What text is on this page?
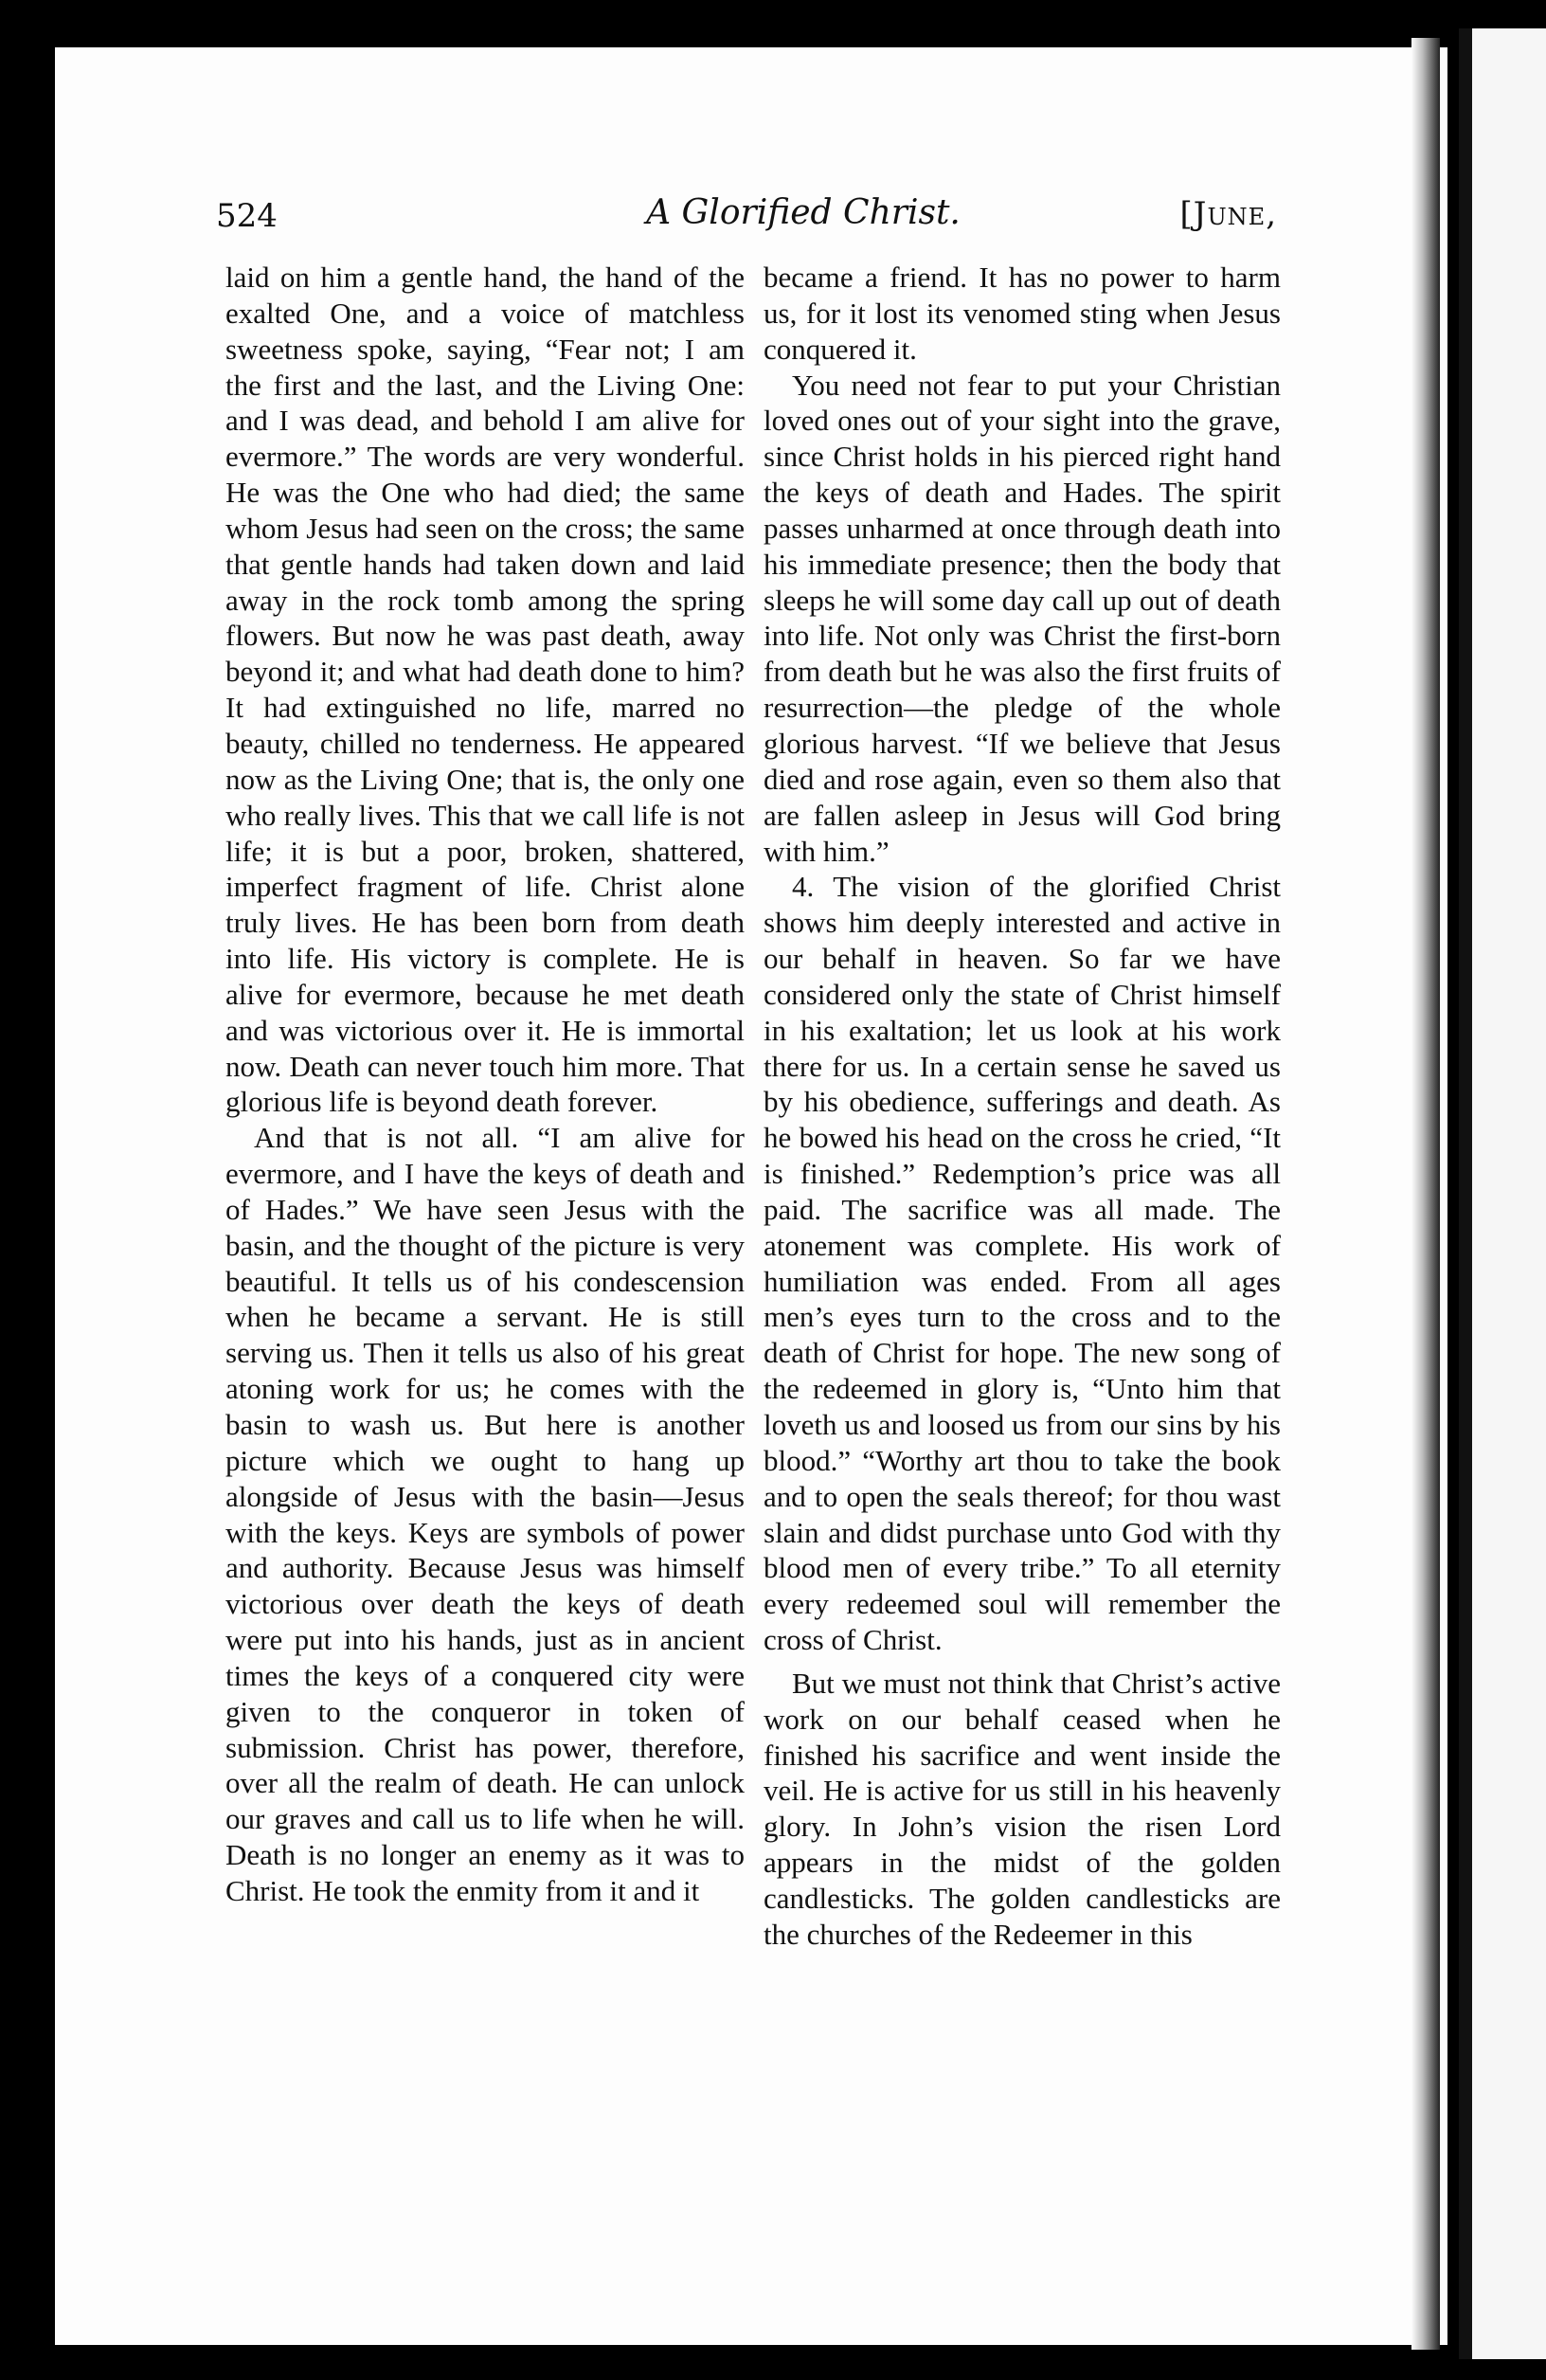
524	A Glorified Christ.	[June,

laid on him a gentle hand, the hand of the exalted One, and a voice of matchless sweetness spoke, saying, “Fear not; I am the first and the last, and the Living One: and I was dead, and behold I am alive for evermore.” The words are very wonderful. He was the One who had died; the same whom Jesus had seen on the cross; the same that gentle hands had taken down and laid away in the rock tomb among the spring flowers. But now he was past death, away beyond it; and what had death done to him? It had extinguished no life, marred no beauty, chilled no tenderness. He appeared now as the Living One; that is, the only one who really lives. This that we call life is not life; it is but a poor, broken, shattered, imperfect fragment of life. Christ alone truly lives. He has been born from death into life. His victory is complete. He is alive for evermore, because he met death and was victorious over it. He is immortal now. Death can never touch him more. That glorious life is beyond death forever.

And that is not all. “I am alive for evermore, and I have the keys of death and of Hades.” We have seen Jesus with the basin, and the thought of the picture is very beautiful. It tells us of his condescension when he became a servant. He is still serving us. Then it tells us also of his great atoning work for us; he comes with the basin to wash us. But here is another picture which we ought to hang up alongside of Jesus with the basin—Jesus with the keys. Keys are symbols of power and authority. Because Jesus was himself victorious over death the keys of death were put into his hands, just as in ancient times the keys of a conquered city were given to the conqueror in token of submission. Christ has power, therefore, over all the realm of death. He can unlock our graves and call us to life when he will. Death is no longer an enemy as it was to Christ. He took the enmity from it and it

became a friend. It has no power to harm us, for it lost its venomed sting when Jesus conquered it.

You need not fear to put your Christian loved ones out of your sight into the grave, since Christ holds in his pierced right hand the keys of death and Hades. The spirit passes unharmed at once through death into his immediate presence; then the body that sleeps he will some day call up out of death into life. Not only was Christ the first-born from death but he was also the first fruits of resurrection—the pledge of the whole glorious harvest. “If we believe that Jesus died and rose again, even so them also that are fallen asleep in Jesus will God bring with him.”

4. The vision of the glorified Christ shows him deeply interested and active in our behalf in heaven. So far we have considered only the state of Christ himself in his exaltation; let us look at his work there for us. In a certain sense he saved us by his obedience, sufferings and death. As he bowed his head on the cross he cried, “It is finished.” Redemption’s price was all paid. The sacrifice was all made. The atonement was complete. His work of humiliation was ended. From all ages men’s eyes turn to the cross and to the death of Christ for hope. The new song of the redeemed in glory is, “Unto him that loveth us and loosed us from our sins by his blood.” “Worthy art thou to take the book and to open the seals thereof; for thou wast slain and didst purchase unto God with thy blood men of every tribe.” To all eternity every redeemed soul will remember the cross of Christ.

But we must not think that Christ’s active work on our behalf ceased when he finished his sacrifice and went inside the veil. He is active for us still in his heavenly glory. In John’s vision the risen Lord appears in the midst of the golden candlesticks. The golden candlesticks are the churches of the Redeemer in this
